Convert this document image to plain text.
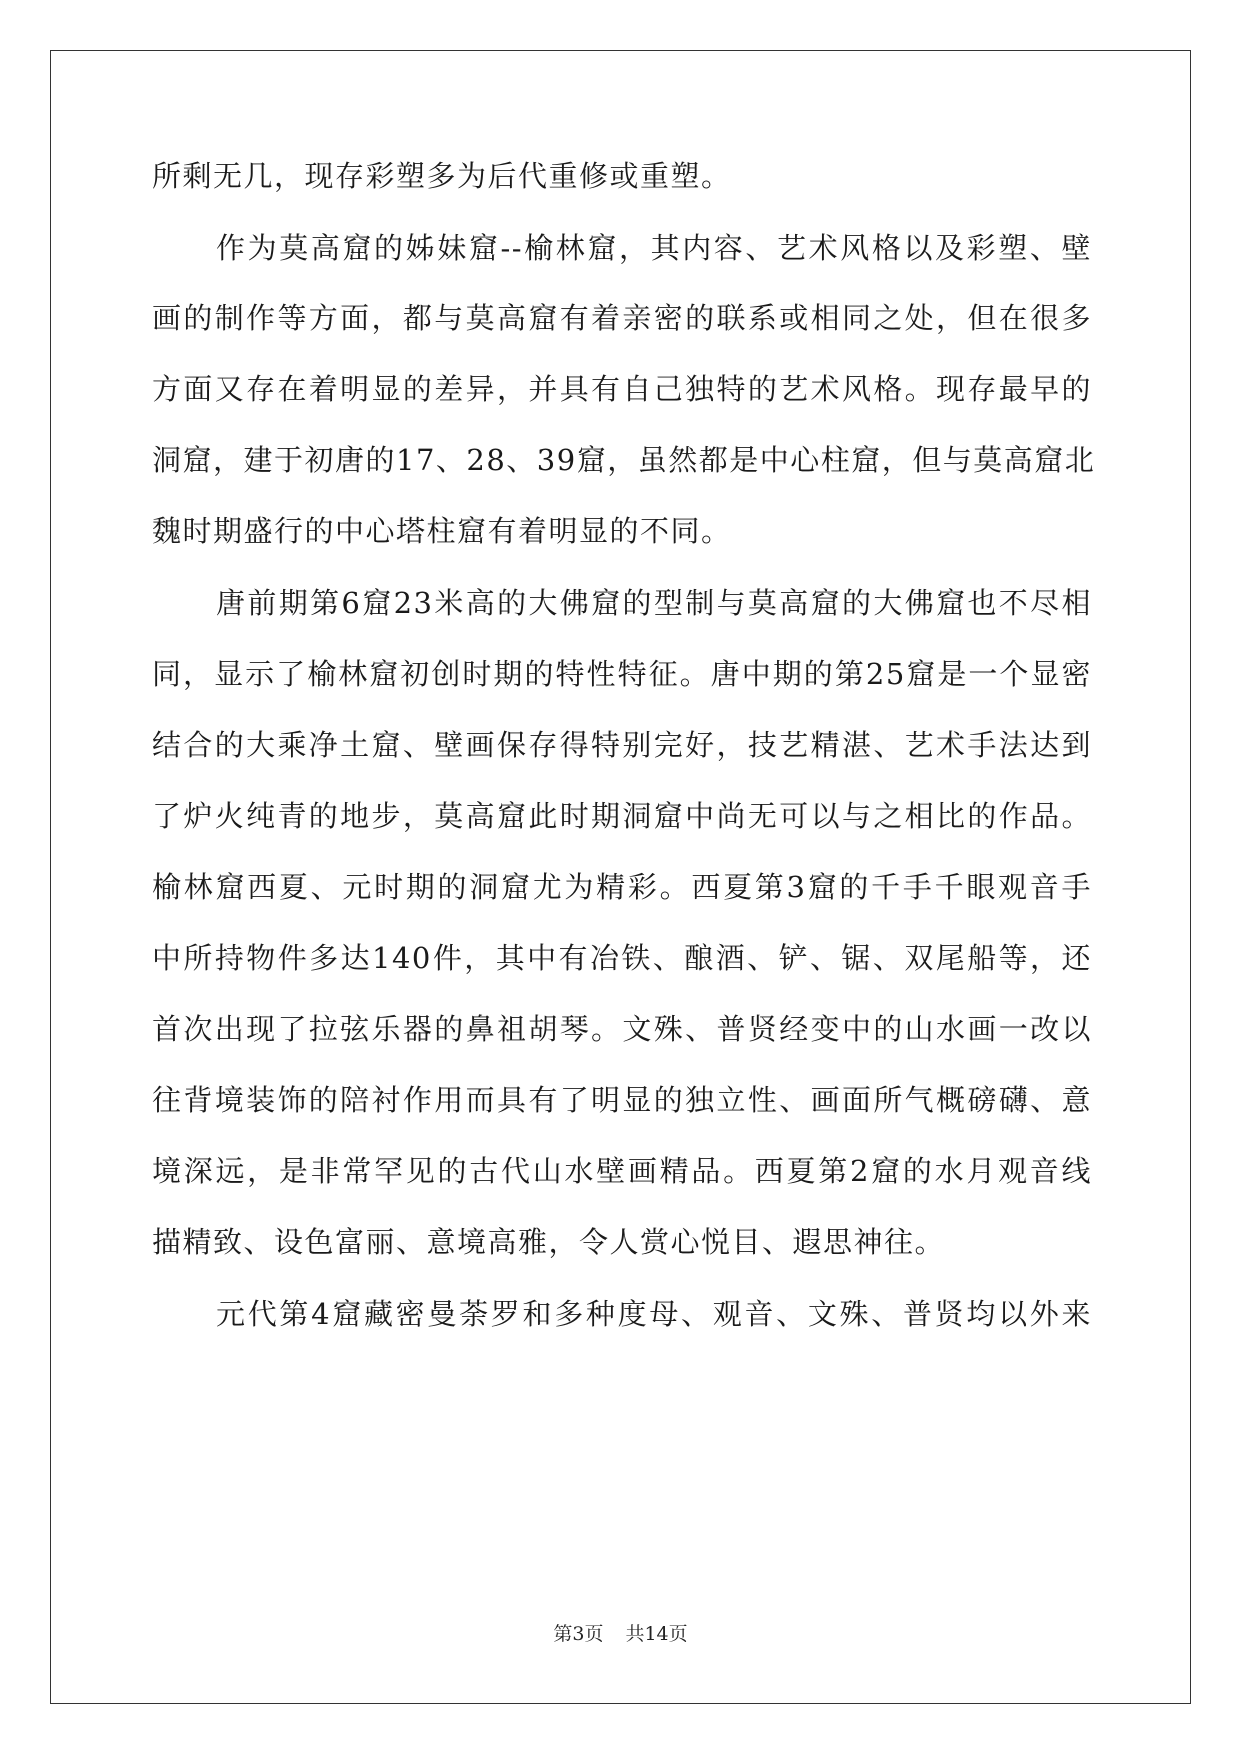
所剩无几，现存彩塑多为后代重修或重塑。
作为莫高窟的姊妹窟--榆林窟，其内容、艺术风格以及彩塑、壁
画的制作等方面，都与莫高窟有着亲密的联系或相同之处，但在很多
方面又存在着明显的差异，并具有自己独特的艺术风格。现存最早的
洞窟，建于初唐的17、28、39窟，虽然都是中心柱窟，但与莫高窟北
魏时期盛行的中心塔柱窟有着明显的不同。
唐前期第6窟23米高的大佛窟的型制与莫高窟的大佛窟也不尽相
同，显示了榆林窟初创时期的特性特征。唐中期的第25窟是一个显密
结合的大乘净土窟、壁画保存得特别完好，技艺精湛、艺术手法达到
了炉火纯青的地步，莫高窟此时期洞窟中尚无可以与之相比的作品。
榆林窟西夏、元时期的洞窟尤为精彩。西夏第3窟的千手千眼观音手
中所持物件多达140件，其中有冶铁、酿酒、铲、锯、双尾船等，还
首次出现了拉弦乐器的鼻祖胡琴。文殊、普贤经变中的山水画一改以
往背境装饰的陪衬作用而具有了明显的独立性、画面所气概磅礴、意
境深远，是非常罕见的古代山水壁画精品。西夏第2窟的水月观音线
描精致、设色富丽、意境高雅，令人赏心悦目、遐思神往。
元代第4窟藏密曼荼罗和多种度母、观音、文殊、普贤均以外来
第3页 共14页
